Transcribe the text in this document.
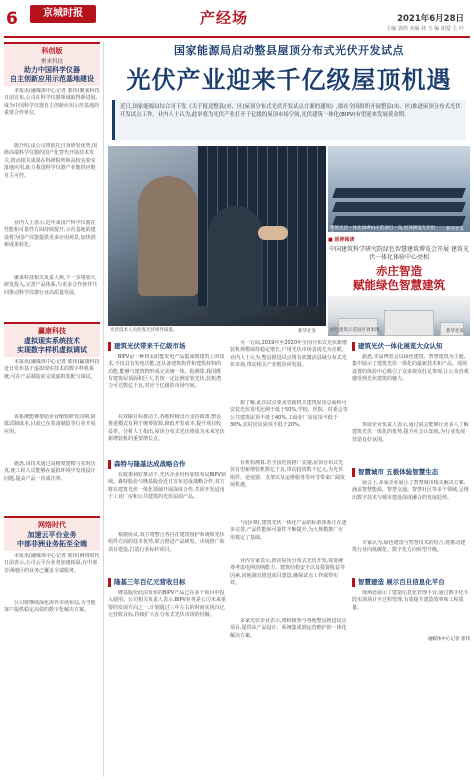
6	京城时报	产经场	2021年6月28日
主编 郭伟 美编 林 玉 编 胡爱 主 叶
科创版
聚来科技
助力中国科学仪器
自主创新应用示范基地建设

本报讯(融媒体中心记者 郭伟)聚来科技日前宣布,公司在科学仪器领域取得新进展,成为中国科学仪器自主创新应用示范基地的重要合作单位。

据介绍,该公司将依托自身研发优势,围绕高端科学仪器的国产化替代开展技术攻关,推动相关成果在科研院所和高校实验室落地应用,助力我国科学仪器产业链供应链自主可控。

业内人士表示,近年来国产科学仪器在性能和可靠性方面持续提升,示范基地的建设将为国产仪器提供更多应用场景,加快创新成果转化。

聚来科技相关负责人称,下一步将加大研发投入,完善产品体系,与更多合作伙伴共同推动科学仪器行业高质量发展。

赢康科技
虚拟现实系统技术
实现数字样机虚拟调试

本报讯(融媒体中心记者 郭伟)赢康科技近日发布基于虚拟现实技术的数字样机系统,可在产品制造前完成虚拟装配与调试。

该系统能够帮助企业缩短研发周期,降低试制成本,目前已在装备制造等行业开展应用。

据悉,该技术通过高精度建模与实时仿真,使工程人员能够在虚拟环境中发现设计问题,提高产品一次成功率。

网络时代
加速云平台业务
中部非洲业务拓至全端

本报讯(融媒体中心记者 郭伟)网络时代日前表示,公司云平台业务加速拓展,在中部非洲地区的业务已覆盖全端服务。

公司将继续深化海外市场布局,为当地客户提供稳定高效的数字化解决方案。

国家能源局启动整县屋顶分布式光伏开发试点
光伏产业迎来千亿级屋顶机遇
近日,国家能源局综合司下发《关于报送整县(市、区)屋顶分布式光伏开发试点方案的通知》,拟在全国组织开展整县(市、区)推进屋顶分布式光伏开发试点工作。业内人士认为,此举将为光伏产业打开千亿级的屋顶市场空间,光伏建筑一体化(BIPV)有望迎来发展黄金期。
光伏技术人员检查光伏组件质量。	新华社发
建筑光伏一体化(BIPV)示范项目一角,屋顶铺设光伏组件。
新华社发
■ 延伸阅读
中国建筑科学研究院绿色智慧建筑博览会开展 建筑光伏一体化体验中心亮相
赤庄智造
赋能绿色智慧建筑
绿色建筑示范园区效果图。	新华社发
建筑光伏带来千亿级市场

BIPV是一种将太阳能发电产品集成到建筑上的技术,不仅具有发电功能,还具备建筑构件和建筑材料的功能,能够与建筑物形成完美统一体。据测算,我国既有建筑屋顶面积巨大,若按一定比例安装光伏,装机潜力可达数亿千瓦,对应千亿级的市场空间。

在双碳目标推动下,各地积极出台支持政策,整县推进模式有利于统筹资源,降低开发成本,提升项目收益率。分析人士指出,屋顶分布式光伏将成为未来光伏新增装机的重要增长点。

森特与隆基达成战略合作

在政策利好推动下,光伏企业纷纷加快布局BIPV领域。森特股份与隆基股份近日宣布达成战略合作,双方将在建筑光伏一体化领域开展深度合作,共同开发适用于工业厂房和公共建筑的光伏屋面产品。

根据协议,双方将整合各自在建筑围护系统和光伏组件方面的技术优势,联合推进产品研发、市场推广和项目建设,打造行业标杆项目。

隆基三年百亿元营收目标

隆基股份此前发布的BIPV产品已在多个项目中投入使用。公司相关负责人表示,BIPV业务是公司未来重要的发展方向之一,计划通过三年左右的时间实现百亿元营收目标,持续扩大在分布式光伏市场的份额。

另一方面,2019年至2020年全国分布式光伏新增装机规模保持稳定增长,户用光伏市场表现尤为亮眼。业内人士认为,整县推进试点将有效激活县域分布式光伏市场,带动相关产业链协同发展。

据了解,此次试点要求党政机关建筑屋顶总面积可安装光伏发电比例不低于50%,学校、医院、村委会等公共建筑屋顶不低于40%,工商业厂房屋顶不低于30%,农村居民屋顶不低于20%。

有机构测算,若全国范围推广实施,屋顶分布式光伏有望新增装机数亿千瓦,带动投资数千亿元,为光伏组件、逆变器、支架以及运维服务等环节带来广阔发展机遇。

与此同时,建筑光伏一体化产品的标准体系正在逐步完善,产品性能和可靠性不断提升,为大规模推广应用奠定了基础。

业内专家表示,推动屋顶分布式光伏开发,需要统筹考虑电网消纳能力、建筑结构安全以及投资收益等因素,因地制宜推进项目建设,确保试点工作取得实效。

多家光伏企业表示,将积极参与各地整县推进试点项目,提供从产品设计、系统集成到运营维护的一体化解决方案。

建筑光伏一体化展览大众认知

据悉,本届博览会以绿色建筑、智慧建筑为主题,集中展示了建筑光伏一体化的最新技术和产品。现场设置的体验中心吸引了众多观众驻足参观,让公众直观感受到光伏建筑的魅力。

参展企业负责人表示,通过展会能够让更多人了解建筑光伏一体化的优势,提升社会认知度,为行业发展营造良好氛围。

智慧城市 五极体验智慧生态

展会上,多家企业展示了智慧城市相关解决方案,涵盖智慧能源、智慧交通、智慧社区等多个领域,呈现出数字技术与城市建设深度融合的发展趋势。

专家认为,绿色建筑与智慧技术的结合,将推动建筑行业向低碳化、数字化方向转型升级。

智慧建造 展示百旦信息化平台

现场还展示了建造信息化管理平台,通过数字化手段实现项目全过程管理,有效提升建造效率和工程质量。

融媒体中心记者 郭伟
